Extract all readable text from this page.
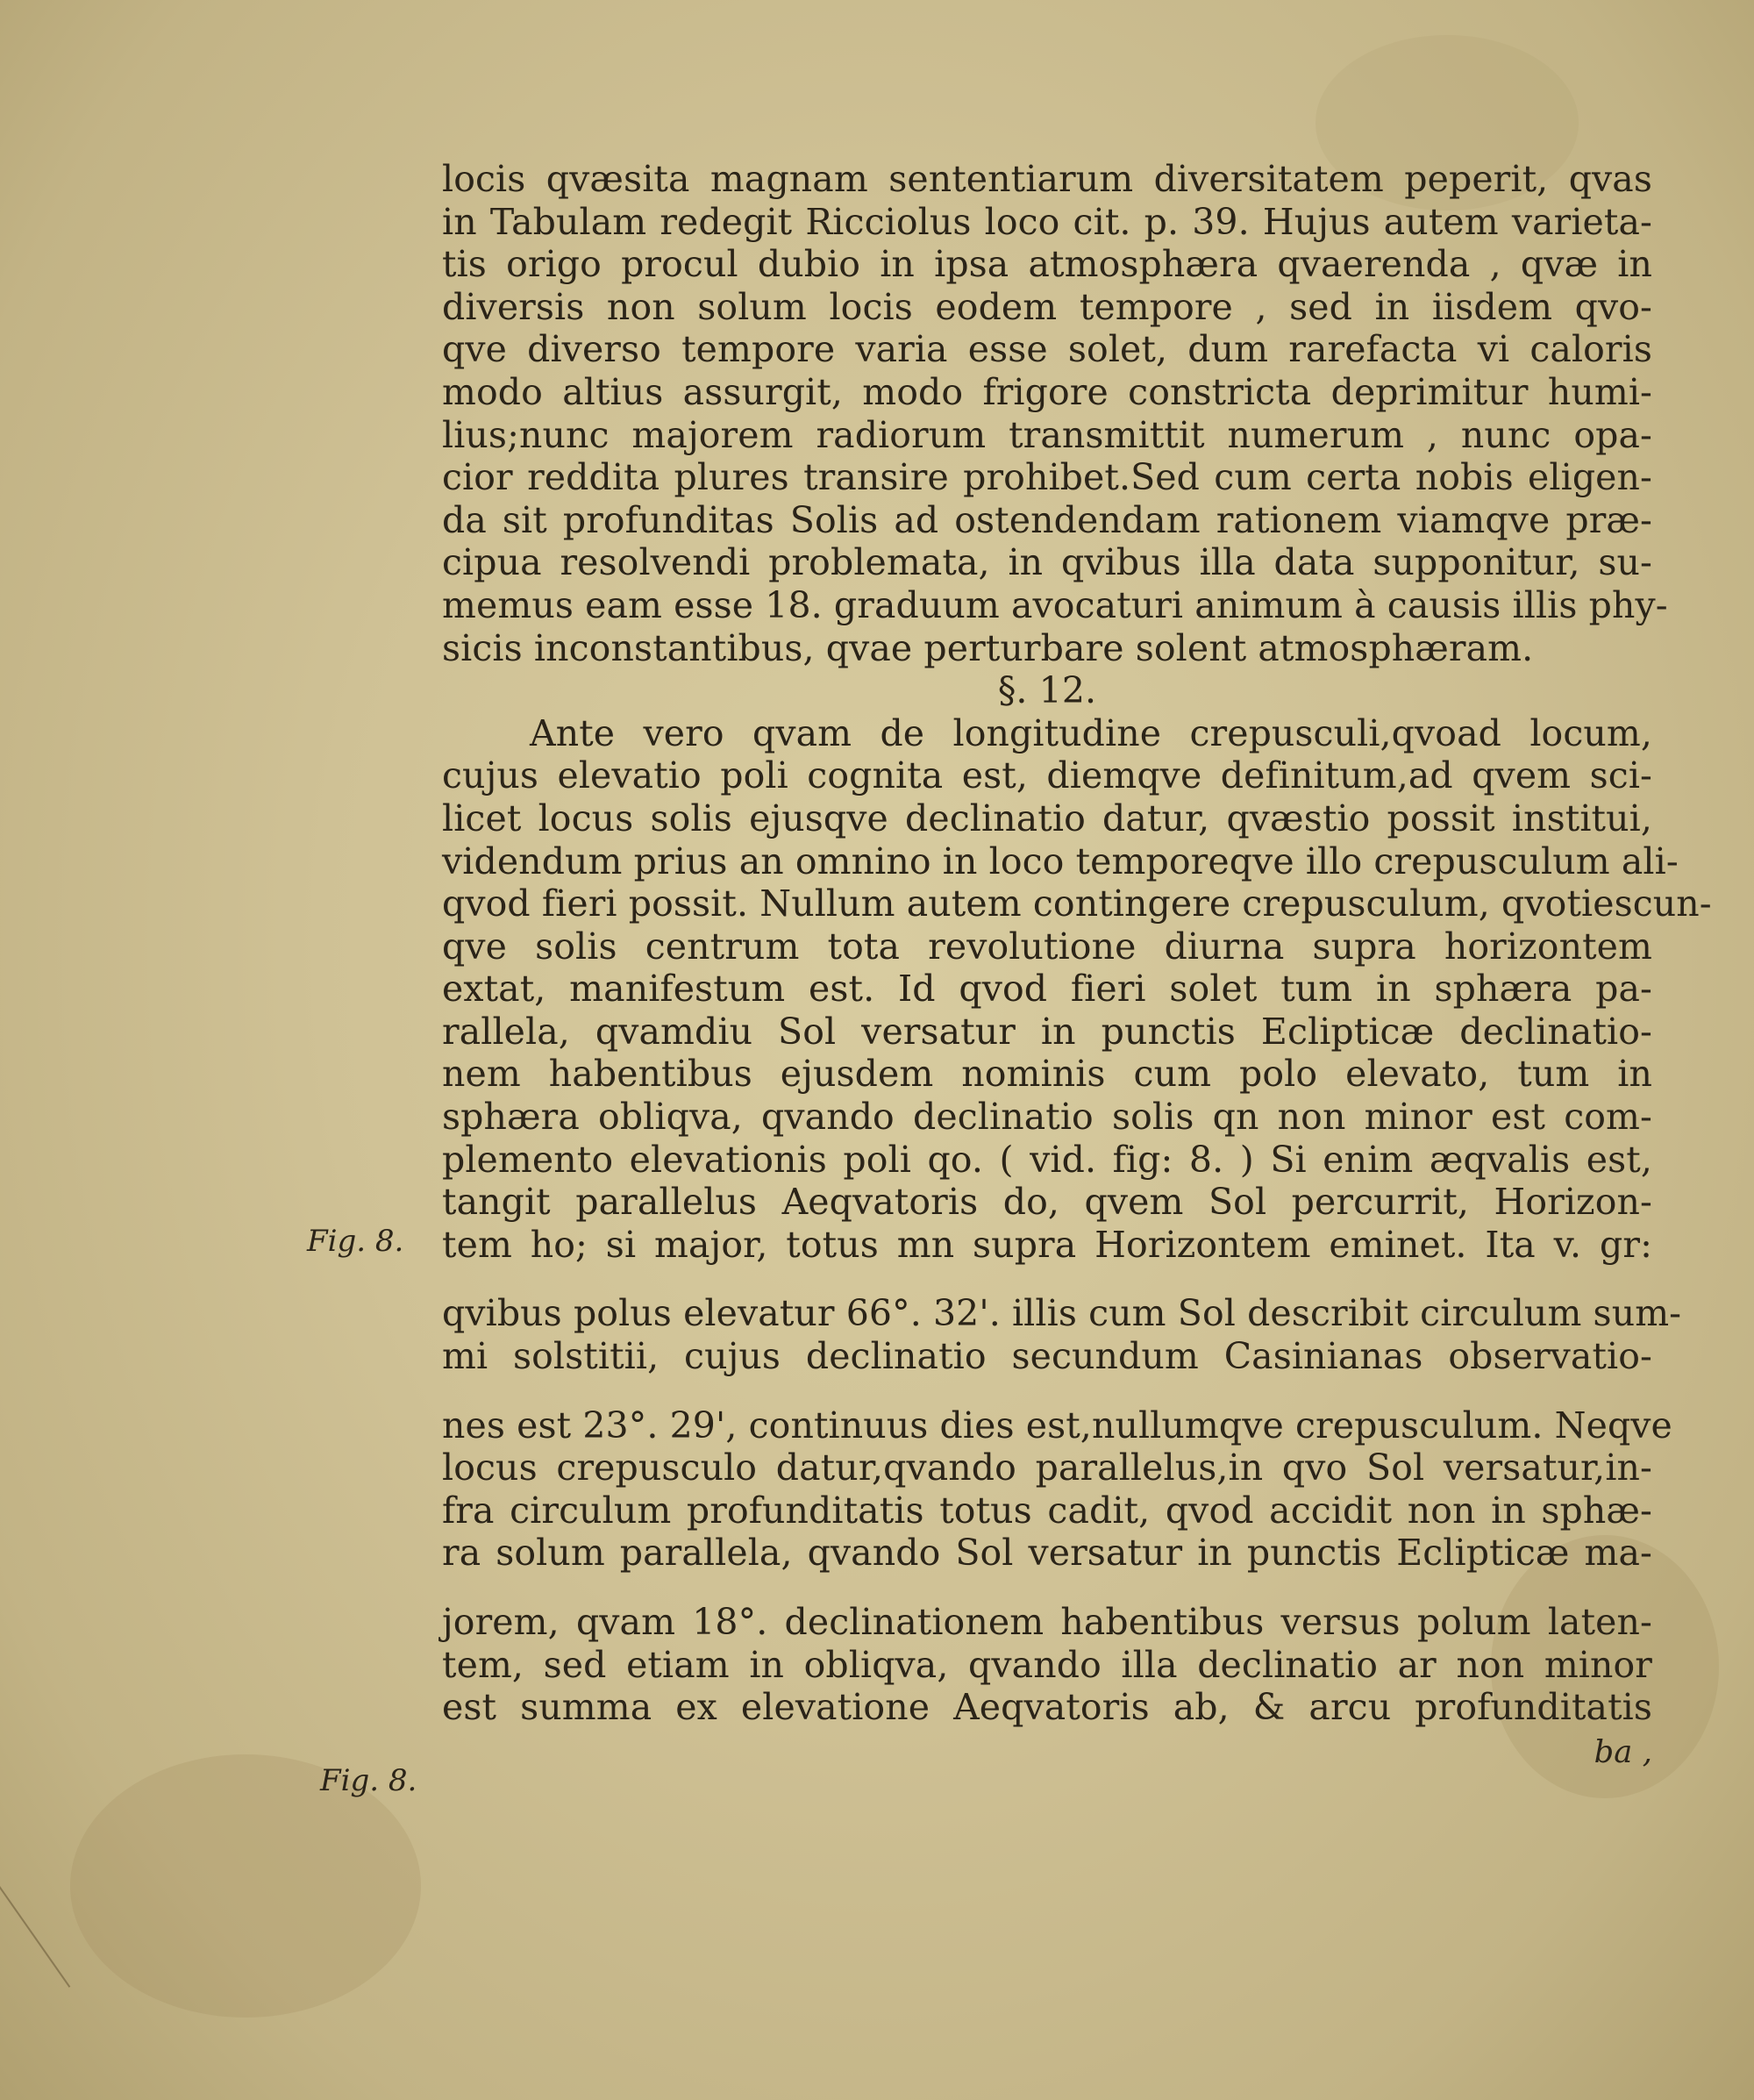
locis qvæsita magnam sententiarum diversitatem peperit, qvas
in Tabulam redegit Ricciolus loco cit. p. 39. Hujus autem varieta-
tis origo procul dubio in ipsa atmosphæra qvaerenda , qvæ in
diversis non solum locis eodem tempore , sed in iisdem qvo-
qve diverso tempore varia esse solet, dum rarefacta vi caloris
modo altius assurgit, modo frigore constricta deprimitur humi-
lius;nunc majorem radiorum transmittit numerum , nunc opa-
cior reddita plures transire prohibet.Sed cum certa nobis eligen-
da sit profunditas Solis ad ostendendam rationem viamqve præ-
cipua resolvendi problemata, in qvibus illa data supponitur, su-
memus eam esse 18. graduum avocaturi animum à causis illis phy-
sicis inconstantibus, qvae perturbare solent atmosphæram.
§. 12.
Ante vero qvam de longitudine crepusculi,qvoad locum,
cujus elevatio poli cognita est, diemqve definitum,ad qvem sci-
licet locus solis ejusqve declinatio datur, qvæstio possit institui,
videndum prius an omnino in loco temporeqve illo crepusculum ali-
qvod fieri possit. Nullum autem contingere crepusculum, qvotiescun-
qve solis centrum tota revolutione diurna supra horizontem
extat, manifestum est. Id qvod fieri solet tum in sphæra pa-
rallela, qvamdiu Sol versatur in punctis Eclipticæ declinatio-
nem habentibus ejusdem nominis cum polo elevato, tum in
sphæra obliqva, qvando declinatio solis qn non minor est com-
plemento elevationis poli qo. ( vid. fig: 8. ) Si enim æqvalis est,
tangit parallelus Aeqvatoris do, qvem Sol percurrit, Horizon-
tem ho; si major, totus mn supra Horizontem eminet. Ita v. gr:
qvibus polus elevatur 66°. 32'. illis cum Sol describit circulum sum-
mi solstitii, cujus declinatio secundum Casinianas observatio-
nes est 23°. 29', continuus dies est,nullumqve crepusculum. Neqve
locus crepusculo datur,qvando parallelus,in qvo Sol versatur,in-
fra circulum profunditatis totus cadit, qvod accidit non in sphæ-
ra solum parallela, qvando Sol versatur in punctis Eclipticæ ma-
jorem, qvam 18°. declinationem habentibus versus polum laten-
tem, sed etiam in obliqva, qvando illa declinatio ar non minor
est summa ex elevatione Aeqvatoris ab, & arcu profunditatis
ba ,
Fig. 8.
Fig. 8.
